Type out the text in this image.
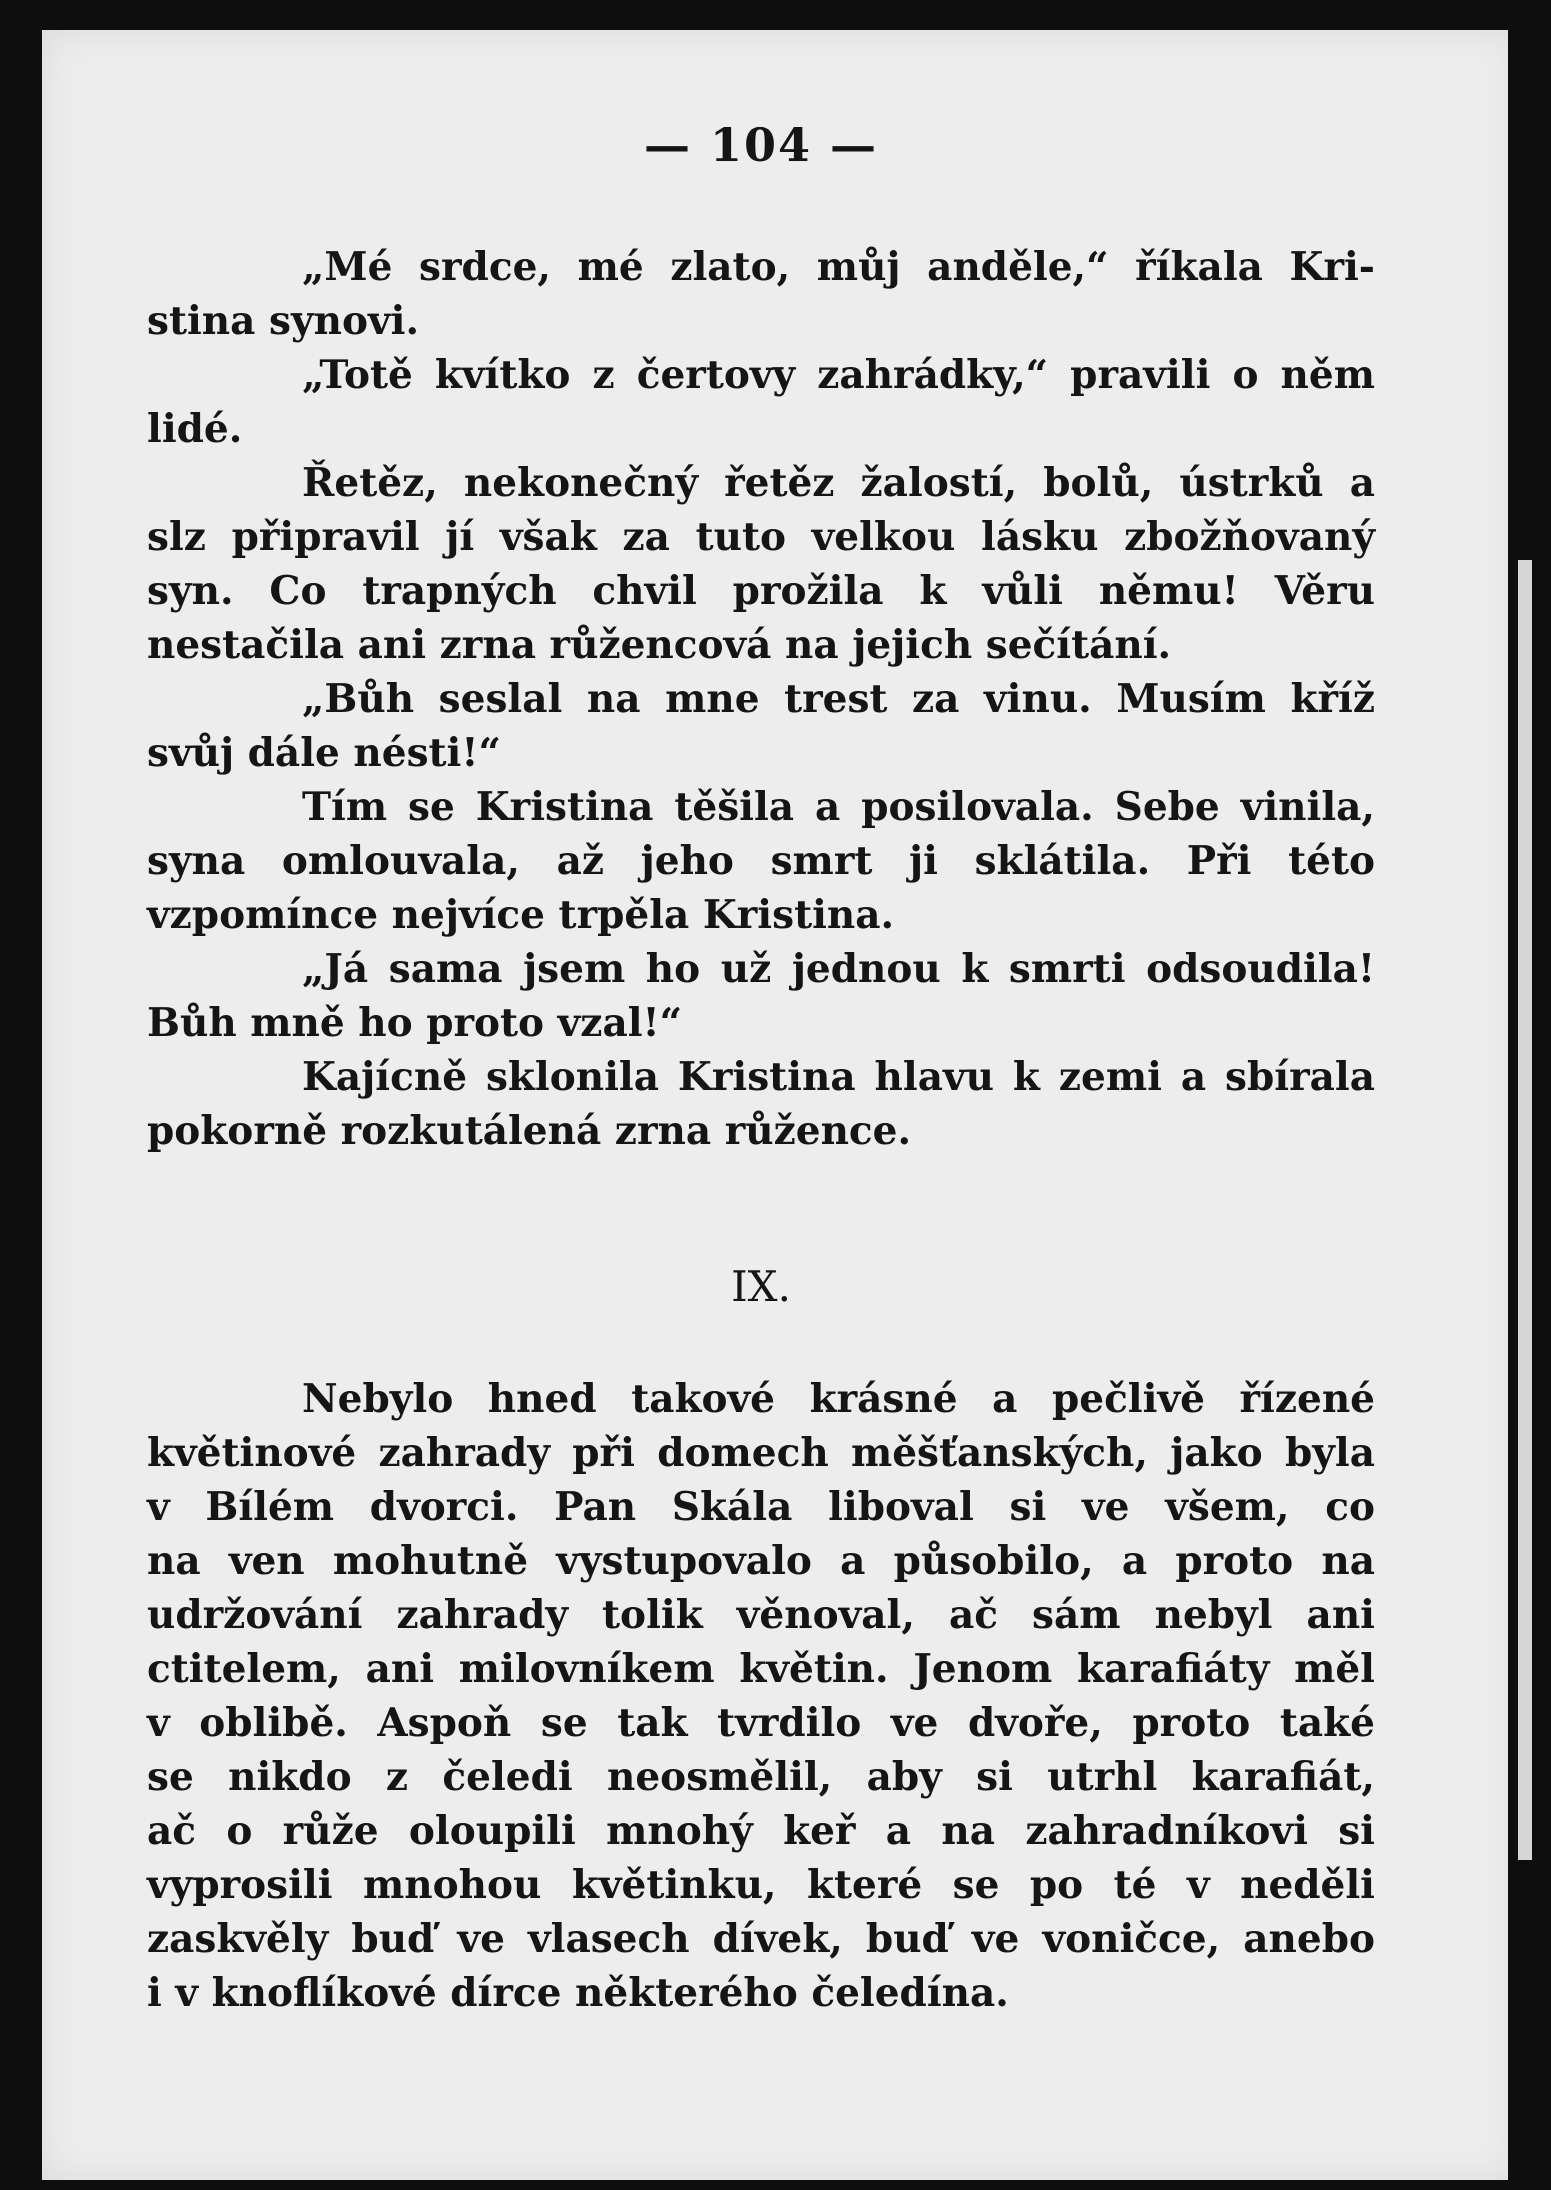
— 104 —
„Mé srdce, mé zlato, můj anděle,“ říkala Kri-
stina synovi.
„Totě kvítko z čertovy zahrádky,“ pravili o něm
lidé.
Řetěz, nekonečný řetěz žalostí, bolů, ústrků a
slz připravil jí však za tuto velkou lásku zbožňovaný
syn. Co trapných chvil prožila k vůli němu! Věru
nestačila ani zrna růžencová na jejich sečítání.
„Bůh seslal na mne trest za vinu. Musím kříž
svůj dále nésti!“
Tím se Kristina těšila a posilovala. Sebe vinila,
syna omlouvala, až jeho smrt ji sklátila. Při této
vzpomínce nejvíce trpěla Kristina.
„Já sama jsem ho už jednou k smrti odsoudila!
Bůh mně ho proto vzal!“
Kajícně sklonila Kristina hlavu k zemi a sbírala
pokorně rozkutálená zrna růžence.
IX.
Nebylo hned takové krásné a pečlivě řízené
květinové zahrady při domech měšťanských, jako byla
v Bílém dvorci. Pan Skála liboval si ve všem, co
na ven mohutně vystupovalo a působilo, a proto na
udržování zahrady tolik věnoval, ač sám nebyl ani
ctitelem, ani milovníkem květin. Jenom karafiáty měl
v oblibě. Aspoň se tak tvrdilo ve dvoře, proto také
se nikdo z čeledi neosmělil, aby si utrhl karafiát,
ač o růže oloupili mnohý keř a na zahradníkovi si
vyprosili mnohou květinku, které se po té v neděli
zaskvěly buď ve vlasech dívek, buď ve voničce, anebo
i v knoflíkové dírce některého čeledína.
